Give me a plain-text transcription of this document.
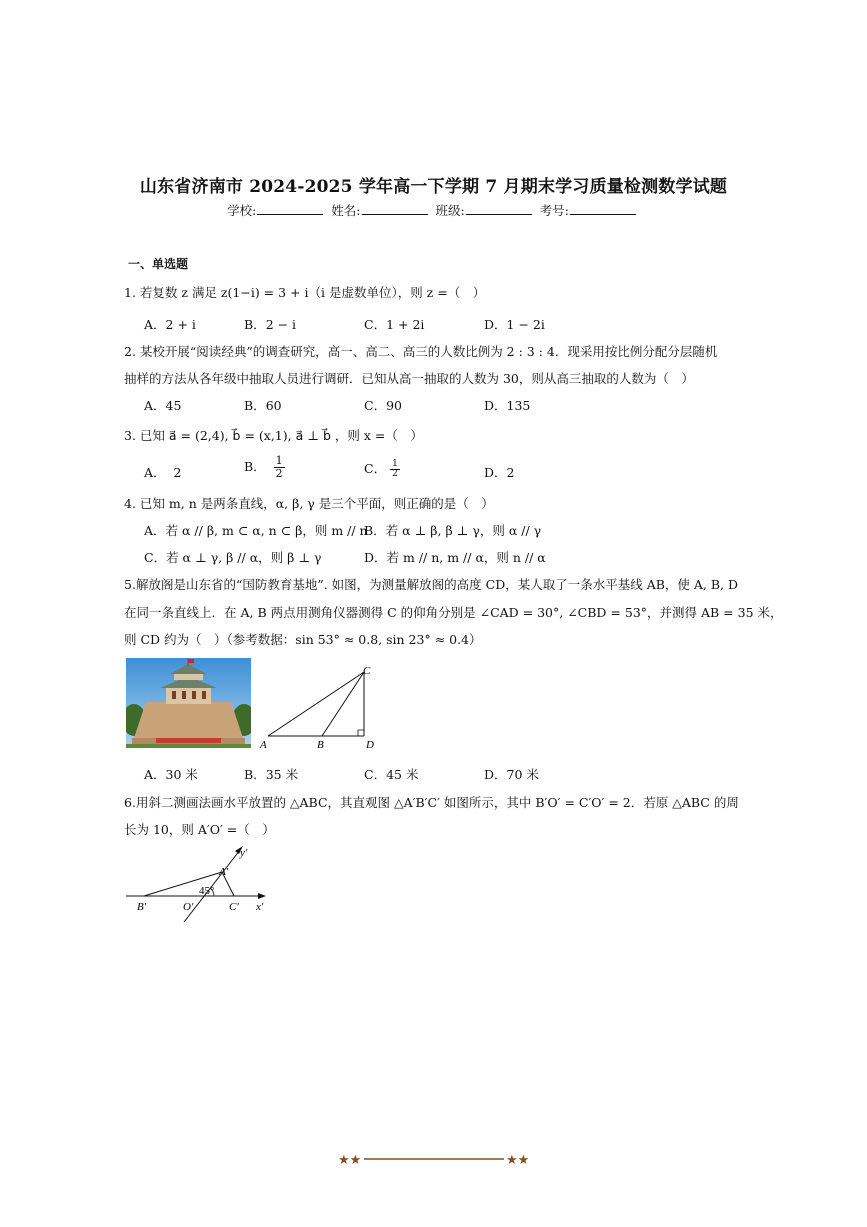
山东省济南市 2024-2025 学年高一下学期 7 月期末学习质量检测数学试题
学校:	姓名:	班级:	考号:
一、单选题
1. 若复数 z 满足 z(1−i) = 3 + i（i 是虚数单位），则 z =（　）
A．2 + i	B．2 − i	C．1 + 2i	D．1 − 2i
2. 某校开展“阅读经典”的调查研究，高一、高二、高三的人数比例为 2 : 3 : 4．现采用按比例分配分层随机
抽样的方法从各年级中抽取人员进行调研．已知从高一抽取的人数为 30，则从高三抽取的人数为（　）
A．45	B．60	C．90	D．135
3. 已知 a⃗ = (2,4), b⃗ = (x,1), a⃗ ⊥ b⃗ ，则 x =（　）
A． 2	B． $\frac{1}{2}$	C． $\frac{1}{2}$	D．2
4. 已知 m, n 是两条直线，α, β, γ 是三个平面，则正确的是（　）
A．若 α // β, m ⊂ α, n ⊂ β，则 m // n
B．若 α ⊥ β, β ⊥ γ，则 α // γ
C．若 α ⊥ γ, β // α，则 β ⊥ γ	D．若 m // n, m // α，则 n // α
5.解放阁是山东省的“国防教育基地”. 如图，为测量解放阁的高度 CD，某人取了一条水平基线 AB，使 A, B, D
在同一条直线上．在 A, B 两点用测角仪器测得 C 的仰角分别是 ∠CAD = 30°, ∠CBD = 53°，并测得 AB = 35 米，
则 CD 约为（　）（参考数据：sin 53° ≈ 0.8, sin 23° ≈ 0.4）
A	B
C
D
A．30 米	B．35 米	C．45 米	D．70 米
6.用斜二测画法画水平放置的 △ABC，其直观图 △A′B′C′ 如图所示，其中 B′O′ = C′O′ = 2．若原 △ABC 的周
长为 10，则 A′O′ =（　）
y′
A′
45°
B′	O′	C′ x′
★★	★★
